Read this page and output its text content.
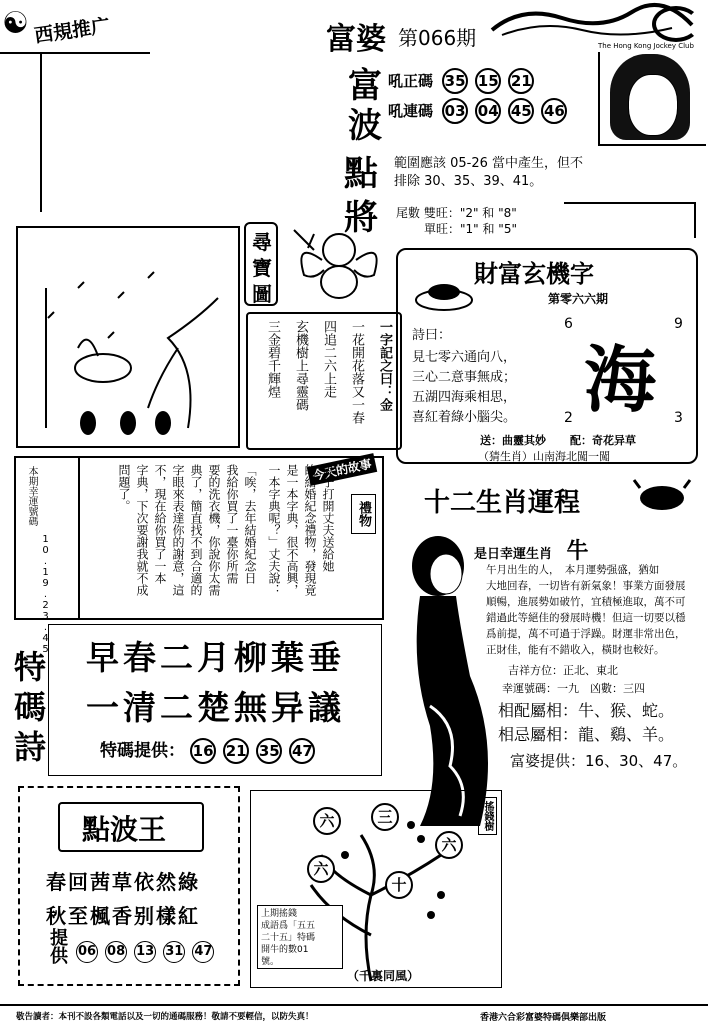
西規推广
☯	富婆 第066期	The Hong Kong Jockey Club
富
波
吼正碼 35 15 21
吼連碼 03 04 45 46
點
將
範圍應該 05-26 當中產生，但不
排除 30、35、39、41。
尾數 雙旺："2" 和 "8"
單旺："1" 和 "5"
尋
寶
圖
一字記之曰：金
一花開花落又一春
四追二六上走
玄機樹上尋靈碼
三金碧千輝煌
財富玄機字
第零六六期
詩曰：
見七零六通向八，
三心二意事無成；
五湖四海乘相思，
喜紅着綠小腦尖。
6	9
海
2	3
送：曲靈其妙 配：奇花异草
（猜生肖）山南海北闖一闖
禮物
今天的故事
妻子打開丈夫送給她
的結婚紀念禮物，發現竟
是一本字典，很不高興，
一本字典呢？」丈夫說：
「唉，去年結婚紀念日
我給你買了一臺你所需
要的洗衣機，你說你太需
典了，簡直找不到合適的
字眼來表達你的謝意，這
不，現在給你買了一本
字典，下次要謝我就不成
問題了。
本期幸運號碼
10.19.23.45
十二生肖運程
是日幸運生肖 牛
午月出生的人，　本月運勢强盛，猶如
大地回春，一切皆有新氣象！事業方面發展
順暢，進展勢如破竹，宜積極進取，萬不可
錯過此等絕佳的發展時機！但這一切要以穩
爲前提，萬不可過于浮躁。財運非常出色，
正財佳，能有不錯收入，橫財也較好。
吉祥方位：正北、東北
幸運號碼：一九　凶數：三四
相配屬相：牛、猴、蛇。
相忌屬相：龍、鷄、羊。
富婆提供：16、30、47。
特
碼
詩
早春二月柳葉垂
一清二楚無异議
特碼提供： 16 21 35 47
點波王
春回茜草依然綠
秋至楓香别樣紅
提供 06 08 13 31 47
搖錢樹
六	三
六
六
十
上期搖錢
成語爲「五五
二十五」特碼
開牛的數01
號。
（千裏同風）
敬告讀者：本刊不設各類電話以及一切的通碼服務！敬請不要輕信，以防失真！	香港六合彩富婆特碼俱樂部出版
